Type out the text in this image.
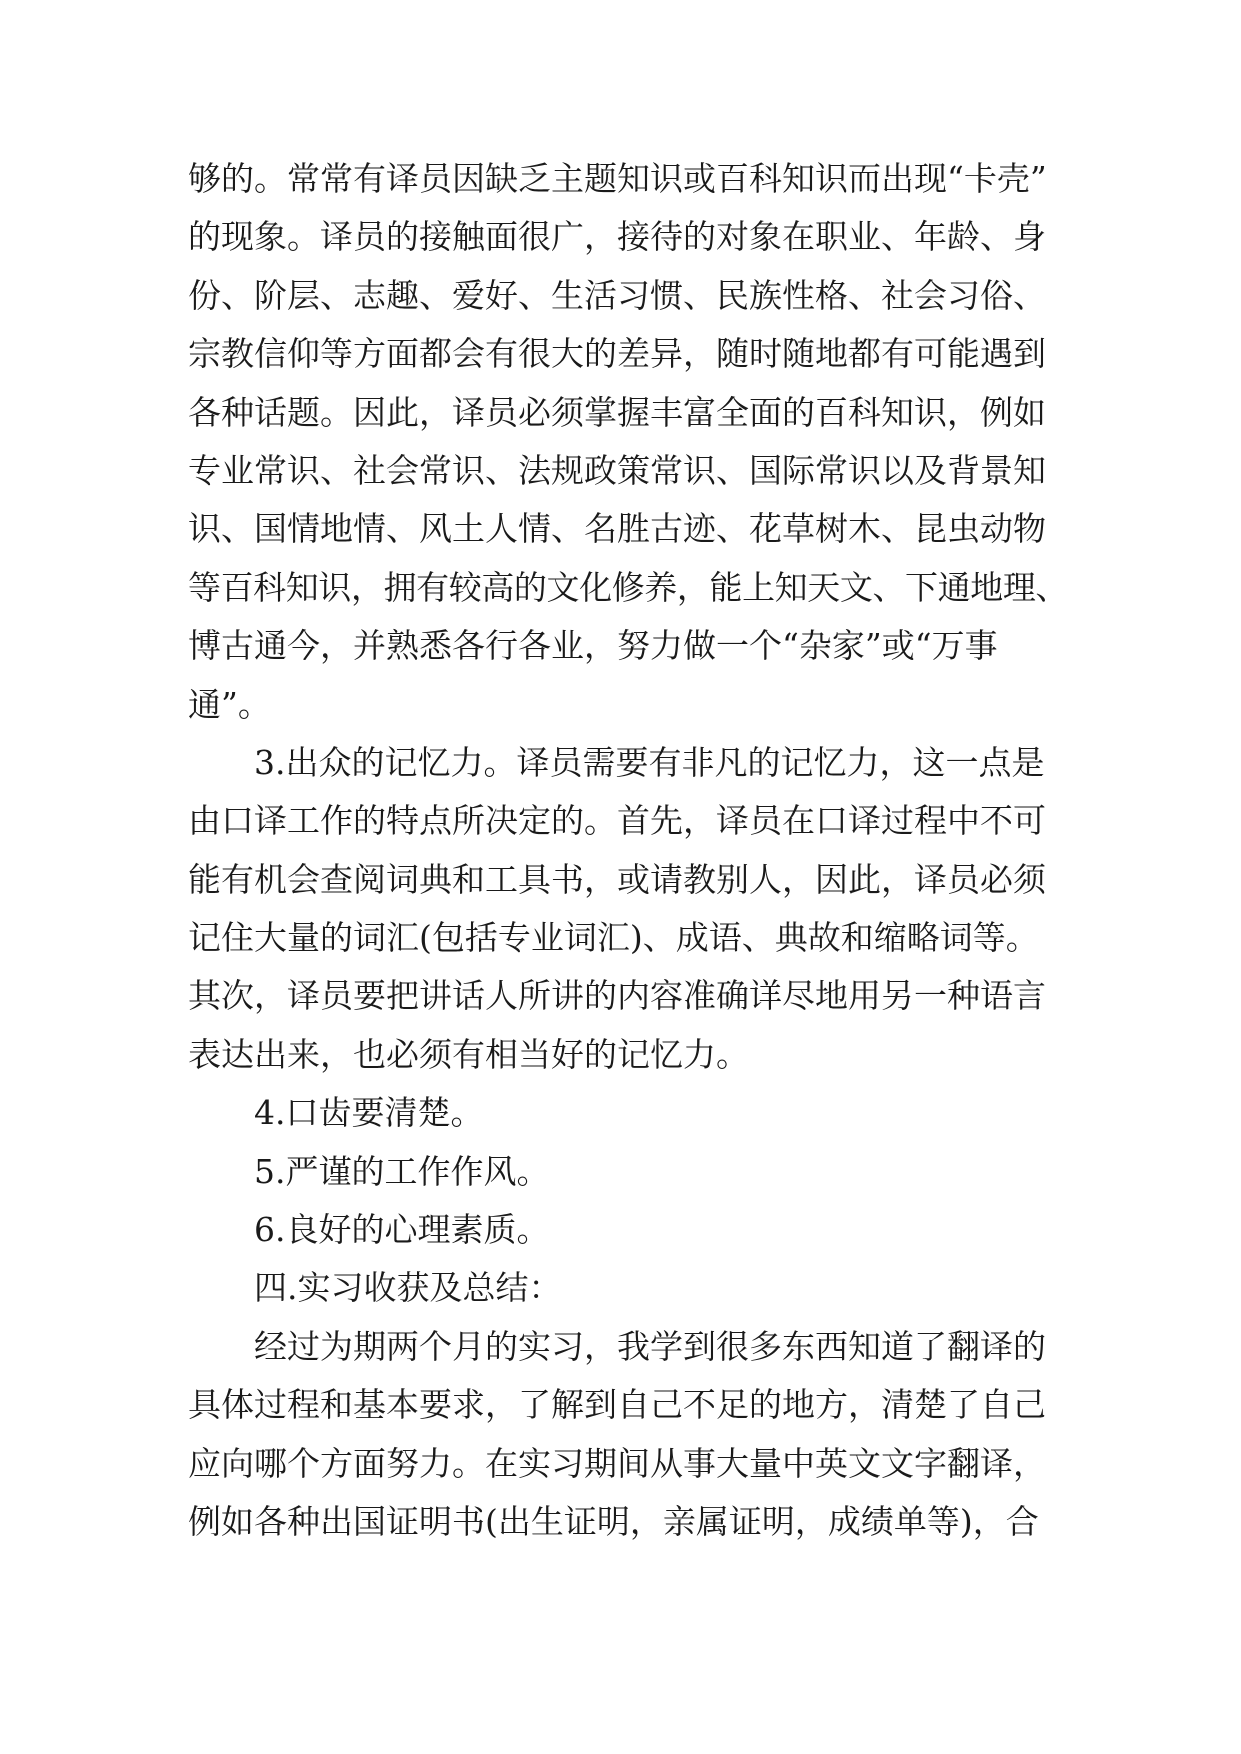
够的。常常有译员因缺乏主题知识或百科知识而出现“卡壳”

的现象。译员的接触面很广，接待的对象在职业、年龄、身

份、阶层、志趣、爱好、生活习惯、民族性格、社会习俗、

宗教信仰等方面都会有很大的差异，随时随地都有可能遇到

各种话题。因此，译员必须掌握丰富全面的百科知识，例如

专业常识、社会常识、法规政策常识、国际常识以及背景知

识、国情地情、风土人情、名胜古迹、花草树木、昆虫动物

等百科知识，拥有较高的文化修养，能上知天文、下通地理、

博古通今，并熟悉各行各业，努力做一个“杂家”或“万事

通”。

3.出众的记忆力。译员需要有非凡的记忆力，这一点是

由口译工作的特点所决定的。首先，译员在口译过程中不可

能有机会查阅词典和工具书，或请教别人，因此，译员必须

记住大量的词汇(包括专业词汇)、成语、典故和缩略词等。

其次，译员要把讲话人所讲的内容准确详尽地用另一种语言

表达出来，也必须有相当好的记忆力。

4.口齿要清楚。

5.严谨的工作作风。

6.良好的心理素质。

四.实习收获及总结：

经过为期两个月的实习，我学到很多东西知道了翻译的

具体过程和基本要求，了解到自己不足的地方，清楚了自己

应向哪个方面努力。在实习期间从事大量中英文文字翻译，

例如各种出国证明书(出生证明，亲属证明，成绩单等)，合
